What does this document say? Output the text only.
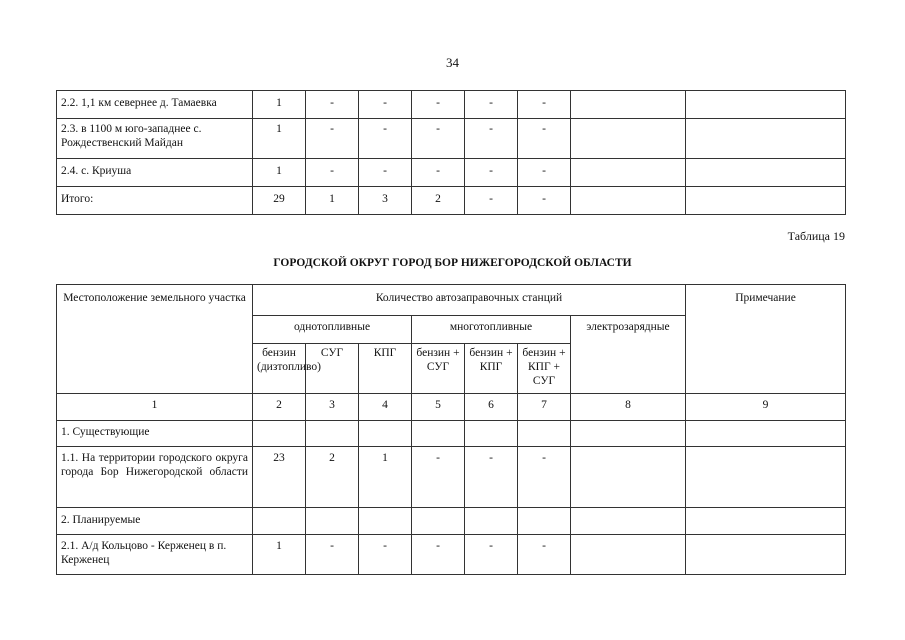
34
2.2. 1,1 км севернее д. Тамаевка	1	-	-	-	-	-		
2.3. в 1100 м юго-западнее с. Рождественский Майдан	1	-	-	-	-	-		
2.4. с. Криуша	1	-	-	-	-	-		
Итого:	29	1	3	2	-	-		
Таблица 19
ГОРОДСКОЙ ОКРУГ ГОРОД БОР НИЖЕГОРОДСКОЙ ОБЛАСТИ
Местоположение земельного участка	Количество автозаправочных станций							Примечание
	однотопливные			многотопливные			электрозарядные	
	бензин (дизтопливо)	СУГ	КПГ	бензин + СУГ	бензин + КПГ	бензин + КПГ + СУГ		
1	2	3	4	5	6	7	8	9
1. Существующие								
1.1. На территории городского округа города Бор Нижегородской области	23	2	1	-	-	-		
2. Планируемые								
2.1. А/д Кольцово - Керженец в п. Керженец	1	-	-	-	-	-		
